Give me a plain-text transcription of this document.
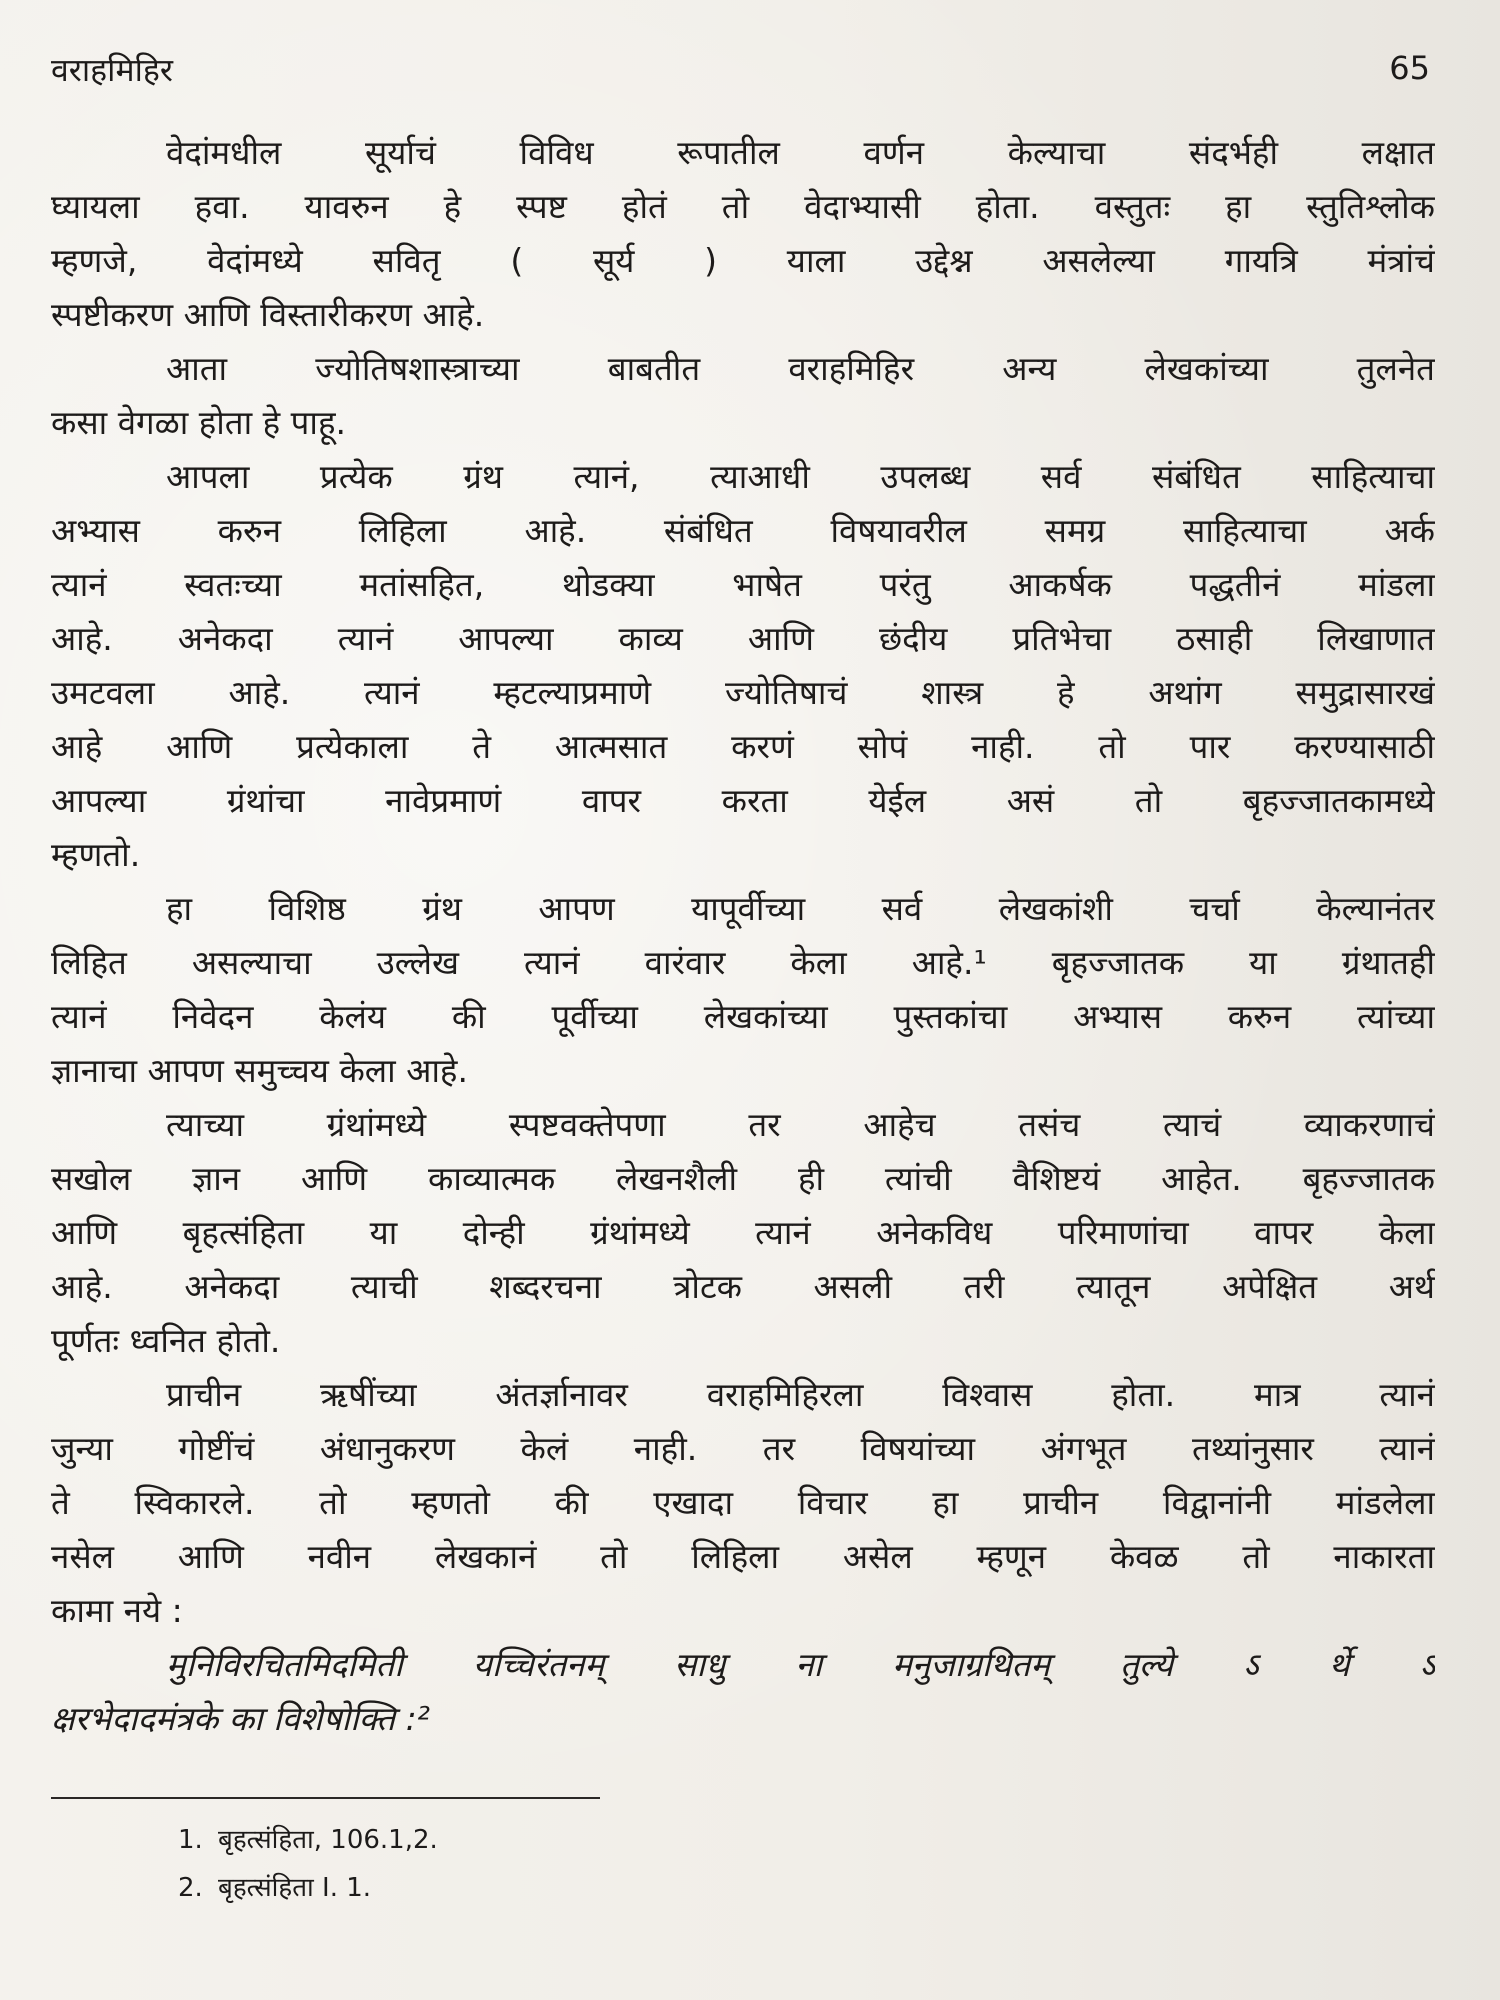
वराहमिहिर	65
वेदांमधील सूर्याचं विविध रूपातील वर्णन केल्याचा संदर्भही लक्षात
घ्यायला हवा. यावरुन हे स्पष्ट होतं तो वेदाभ्यासी होता. वस्तुतः हा स्तुतिश्लोक
म्हणजे, वेदांमध्ये सवितृ ( सूर्य ) याला उद्देश्न असलेल्या गायत्रि मंत्रांचं
स्पष्टीकरण आणि विस्तारीकरण आहे.
आता ज्योतिषशास्त्राच्या बाबतीत वराहमिहिर अन्य लेखकांच्या तुलनेत
कसा वेगळा होता हे पाहू.
आपला प्रत्येक ग्रंथ त्यानं, त्याआधी उपलब्ध सर्व संबंधित साहित्याचा
अभ्यास करुन लिहिला आहे. संबंधित विषयावरील समग्र साहित्याचा अर्क
त्यानं स्वतःच्या मतांसहित, थोडक्या भाषेत परंतु आकर्षक पद्धतीनं मांडला
आहे. अनेकदा त्यानं आपल्या काव्य आणि छंदीय प्रतिभेचा ठसाही लिखाणात
उमटवला आहे. त्यानं म्हटल्याप्रमाणे ज्योतिषाचं शास्त्र हे अथांग समुद्रासारखं
आहे आणि प्रत्येकाला ते आत्मसात करणं सोपं नाही. तो पार करण्यासाठी
आपल्या ग्रंथांचा नावेप्रमाणं वापर करता येईल असं तो बृहज्जातकामध्ये
म्हणतो.
हा विशिष्ठ ग्रंथ आपण यापूर्वीच्या सर्व लेखकांशी चर्चा केल्यानंतर
लिहित असल्याचा उल्लेख त्यानं वारंवार केला आहे.¹ बृहज्जातक या ग्रंथातही
त्यानं निवेदन केलंय की पूर्वीच्या लेखकांच्या पुस्तकांचा अभ्यास करुन त्यांच्या
ज्ञानाचा आपण समुच्चय केला आहे.
त्याच्या ग्रंथांमध्ये स्पष्टवक्तेपणा तर आहेच तसंच त्याचं व्याकरणाचं
सखोल ज्ञान आणि काव्यात्मक लेखनशैली ही त्यांची वैशिष्टयं आहेत. बृहज्जातक
आणि बृहत्संहिता या दोन्ही ग्रंथांमध्ये त्यानं अनेकविध परिमाणांचा वापर केला
आहे. अनेकदा त्याची शब्दरचना त्रोटक असली तरी त्यातून अपेक्षित अर्थ
पूर्णतः ध्वनित होतो.
प्राचीन ऋषींच्या अंतर्ज्ञानावर वराहमिहिरला विश्वास होता. मात्र त्यानं
जुन्या गोष्टींचं अंधानुकरण केलं नाही. तर विषयांच्या अंगभूत तथ्यांनुसार त्यानं
ते स्विकारले. तो म्हणतो की एखादा विचार हा प्राचीन विद्वानांनी मांडलेला
नसेल आणि नवीन लेखकानं तो लिहिला असेल म्हणून केवळ तो नाकारता
कामा नये :
मुनिविरचितमिदमिती यच्चिरंतनम् साधु ना मनुजाग्रथितम् तुल्ये ऽ र्थे ऽ
क्षरभेदादमंत्रके का विशेषोक्ति :²
1. बृहत्संहिता, 106.1,2.
2. बृहत्संहिता I. 1.
